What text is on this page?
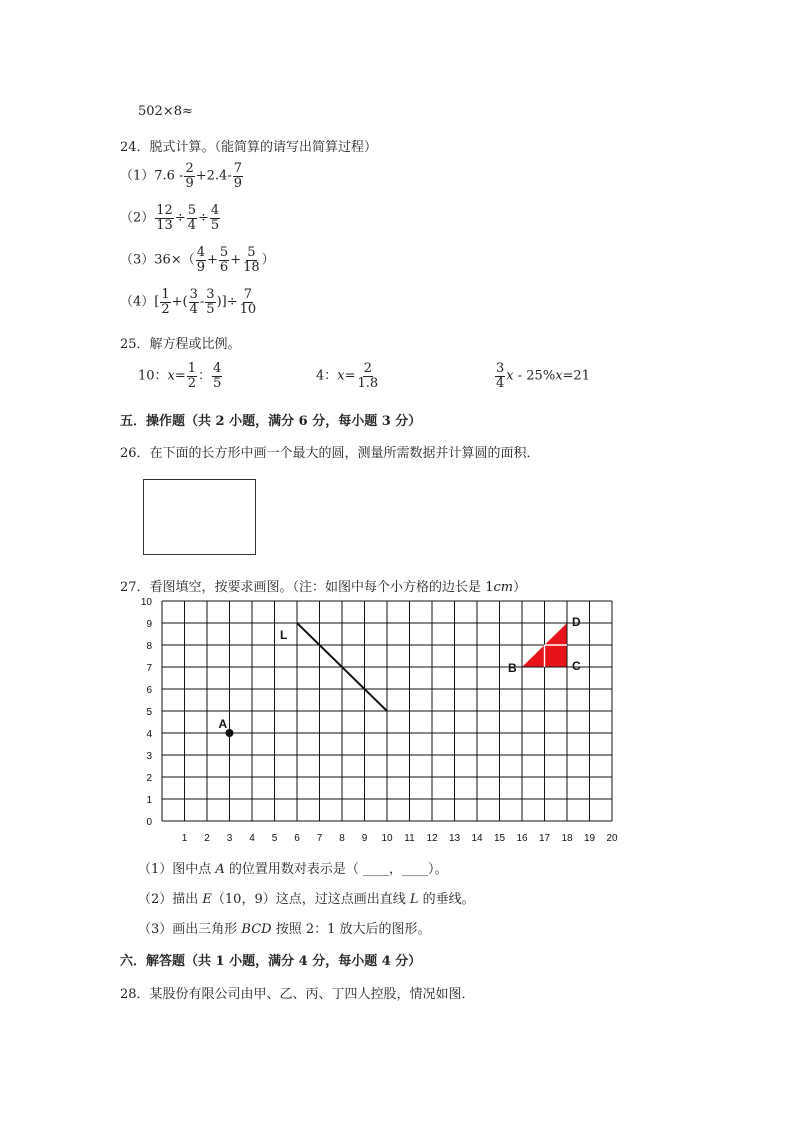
502×8≈
24．脱式计算。（能简算的请写出简算过程）
$(1)7.6 - \frac{2}{9} +2.4- \frac{7}{9}$
$(2) \frac{12}{13} \div \frac{5}{4} \div \frac{4}{5}$
$(3)36\times( \frac{4}{9} + \frac{5}{6} + \frac{5}{18}$ ）
$(4)[ \frac{1}{2}$ +( $\frac{3}{4} - \frac{3}{5}$ )]÷ $\frac{7}{10}$
25．解方程或比例。
10：$x= \frac{1}{2}$ ： $\frac{4}{5}$	4：$x= \frac{2}{1.8}$	$\frac{3}{4}$ x - 25%x=21
五．操作题（共 2 小题，满分 6 分，每小题 3 分）
26．在下面的长方形中画一个最大的圆，测量所需数据并计算圆的面积．
27．看图填空，按要求画图。（注：如图中每个小方格的边长是 1cm）
1 2 3 4 5 6 7 8 9 10 11 12 13 14 15 16 17 18 19 20
0
1
2
3
4
5
6
7
8
9
10
L
A
B	C
D
（1）图中点 A 的位置用数对表示是（ ____，____）。
（2）描出 E（10，9）这点，过这点画出直线 L 的垂线。
（3）画出三角形 BCD 按照 2：1 放大后的图形。
六．解答题（共 1 小题，满分 4 分，每小题 4 分）
28．某股份有限公司由甲、乙、丙、丁四人控股，情况如图．
